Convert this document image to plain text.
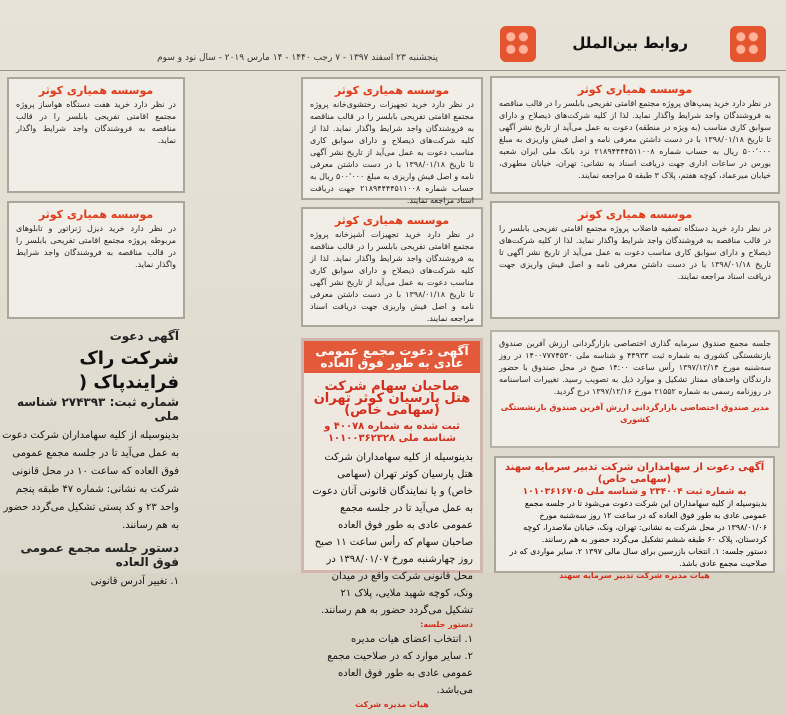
روابط بین‌الملل
پنجشنبه ۲۳ اسفند ۱۳۹۷ - ۷ رجب ۱۴۴۰ - ۱۴ مارس ۲۰۱۹ - سال نود و سوم
موسسه همیاری کوثر
در نظر دارد خرید پمپ‌های پروژه مجتمع اقامتی تفریحی بابلسر را در قالب مناقصه به فروشندگان واجد شرایط واگذار نماید. لذا از کلیه شرکت‌های ذیصلاح و دارای سوابق کاری مناسب (به ویژه در منطقه) دعوت به عمل می‌آید از تاریخ نشر آگهی تا تاریخ ۱۳۹۸/۰۱/۱۸ با در دست داشتن معرفی نامه و اصل فیش واریزی به مبلغ ۵۰۰٬۰۰۰ ریال به حساب شماره ۲۱۸۹۴۴۴۴۵۱۱۰۰۸ نزد بانک ملی ایران شعبه بورس در ساعات اداری جهت دریافت اسناد به نشانی: تهران، خیابان مطهری، خیابان میرعماد، کوچه هفتم، پلاک ۳ طبقه ۵ مراجعه نمایند.
موسسه همیاری کوثر
در نظر دارد خرید دستگاه تصفیه فاضلاب پروژه مجتمع اقامتی تفریحی بابلسر را در قالب مناقصه به فروشندگان واجد شرایط واگذار نماید. لذا از کلیه شرکت‌های ذیصلاح و دارای سوابق کاری مناسب دعوت به عمل می‌آید از تاریخ نشر آگهی تا تاریخ ۱۳۹۸/۰۱/۱۸ با در دست داشتن معرفی نامه و اصل فیش واریزی جهت دریافت اسناد مراجعه نمایند.
موسسه همیاری کوثر
در نظر دارد خرید تجهیزات رختشوی‌خانه پروژه مجتمع اقامتی تفریحی بابلسر را در قالب مناقصه به فروشندگان واجد شرایط واگذار نماید. لذا از کلیه شرکت‌های ذیصلاح و دارای سوابق کاری مناسب دعوت به عمل می‌آید از تاریخ نشر آگهی تا تاریخ ۱۳۹۸/۰۱/۱۸ با در دست داشتن معرفی نامه و اصل فیش واریزی به مبلغ ۵۰۰٬۰۰۰ ریال به حساب شماره ۲۱۸۹۴۴۴۴۵۱۱۰۰۸ جهت دریافت اسناد مراجعه نمایند.
موسسه همیاری کوثر
در نظر دارد خرید تجهیزات آشپزخانه پروژه مجتمع اقامتی تفریحی بابلسر را در قالب مناقصه به فروشندگان واجد شرایط واگذار نماید. لذا از کلیه شرکت‌های ذیصلاح و دارای سوابق کاری مناسب دعوت به عمل می‌آید از تاریخ نشر آگهی تا تاریخ ۱۳۹۸/۰۱/۱۸ با در دست داشتن معرفی نامه و اصل فیش واریزی جهت دریافت اسناد مراجعه نمایند.
آگهی دعوت مجمع عمومی عادی به طور فوق العاده
صاحبان سهام شرکت هتل پارسیان کوثر تهران (سهامی خاص)
ثبت شده به شماره ۴۰۰۷۸ و شناسه ملی ۱۰۱۰۰۳۶۲۳۲۸
بدینوسیله از کلیه سهامداران شرکت هتل پارسیان کوثر تهران (سهامی خاص) و یا نمایندگان قانونی آنان دعوت به عمل می‌آید تا در جلسه مجمع عمومی عادی به طور فوق العاده صاحبان سهام که رأس ساعت ۱۱ صبح روز چهارشنبه مورخ ۱۳۹۸/۰۱/۰۷ در محل قانونی شرکت واقع در میدان ونک، کوچه شهید ملایی، پلاک ۲۱ تشکیل می‌گردد حضور به هم رسانند.
دستور جلسه:
۱. انتخاب اعضای هیات مدیره
۲. سایر موارد که در صلاحیت مجمع عمومی عادی به طور فوق العاده می‌باشد.
هیات مدیره شرکت
جلسه مجمع صندوق سرمایه گذاری اختصاصی بازارگردانی ارزش آفرین صندوق بازنشستگی کشوری به شماره ثبت ۴۴۹۳۳ و شناسه ملی ۱۴۰۰۷۷۷۴۵۳۰ در روز سه‌شنبه مورخ ۱۳۹۷/۱۲/۱۴ رأس ساعت ۱۴:۰۰ صبح در محل صندوق با حضور دارندگان واحدهای ممتاز تشکیل و موارد ذیل به تصویب رسید. تغییرات اساسنامه در روزنامه رسمی به شماره ۲۱۵۵۲ مورخ ۱۳۹۷/۱۲/۱۶ درج گردید.
مدیر صندوق اختصاصی بازارگردانی ارزش آفرین صندوق بازنشستگی کشوری
آگهی دعوت از سهامداران شرکت تدبیر سرمایه سهند (سهامی خاص)
به شماره ثبت ۲۳۴۰۰۴ و شناسه ملی ۱۰۱۰۳۶۱۶۷۰۵
بدینوسیله از کلیه سهامداران این شرکت دعوت می‌شود تا در جلسه مجمع عمومی عادی به طور فوق العاده که در ساعت ۱۲ روز سه‌شنبه مورخ ۱۳۹۸/۰۱/۰۶ در محل شرکت به نشانی: تهران، ونک، خیابان ملاصدرا، کوچه کردستان، پلاک ۶۰ طبقه ششم تشکیل می‌گردد حضور به هم رسانند.
دستور جلسه: ۱. انتخاب بازرسین برای سال مالی ۱۳۹۷ ۲. سایر مواردی که در صلاحیت مجمع عادی باشد.
هیات مدیره شرکت تدبیر سرمایه سهند
موسسه همیاری کوثر
در نظر دارد خرید هفت دستگاه هواساز پروژه مجتمع اقامتی تفریحی بابلسر را در قالب مناقصه به فروشندگان واجد شرایط واگذار نماید.
موسسه همیاری کوثر
در نظر دارد خرید دیزل ژنراتور و تابلوهای مربوطه پروژه مجتمع اقامتی تفریحی بابلسر را در قالب مناقصه به فروشندگان واجد شرایط واگذار نماید.
آگهی دعوت
شرکت راک فرایندپاک (
شماره ثبت: ۲۷۴۳۹۳ شناسه ملی
بدینوسیله از کلیه سهامداران شرکت دعوت به عمل می‌آید تا در جلسه مجمع عمومی فوق العاده که ساعت ۱۰ در محل قانونی شرکت به نشانی: شماره ۴۷ طبقه پنجم واحد ۲۳ و کد پستی تشکیل می‌گردد حضور به هم رسانند.
دستور جلسه مجمع عمومی فوق العاده
۱. تغییر آدرس قانونی
